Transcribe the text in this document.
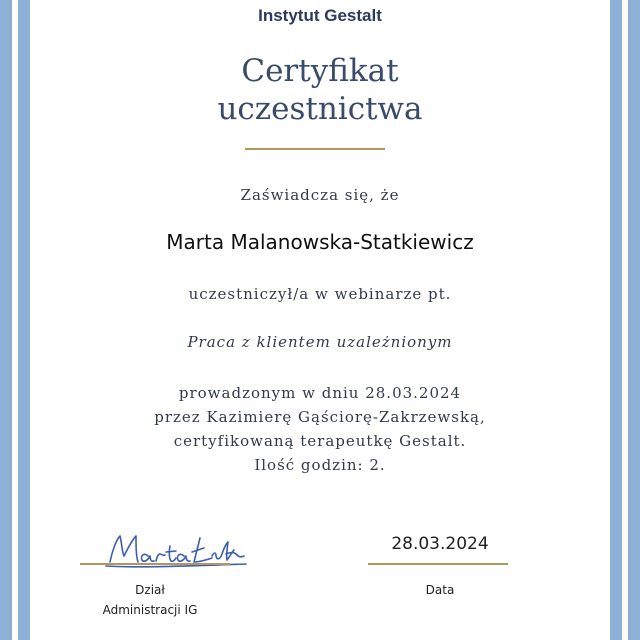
Instytut Gestalt
Certyfikat
uczestnictwa
Zaświadcza się, że
Marta Malanowska-Statkiewicz
uczestniczył/a w webinarze pt.
Praca z klientem uzależnionym
prowadzonym w dniu 28.03.2024
przez Kazimierę Gąściorę-Zakrzewską,
certyfikowaną terapeutkę Gestalt.
Ilość godzin: 2.
Dział
Administracji IG
28.03.2024
Data
